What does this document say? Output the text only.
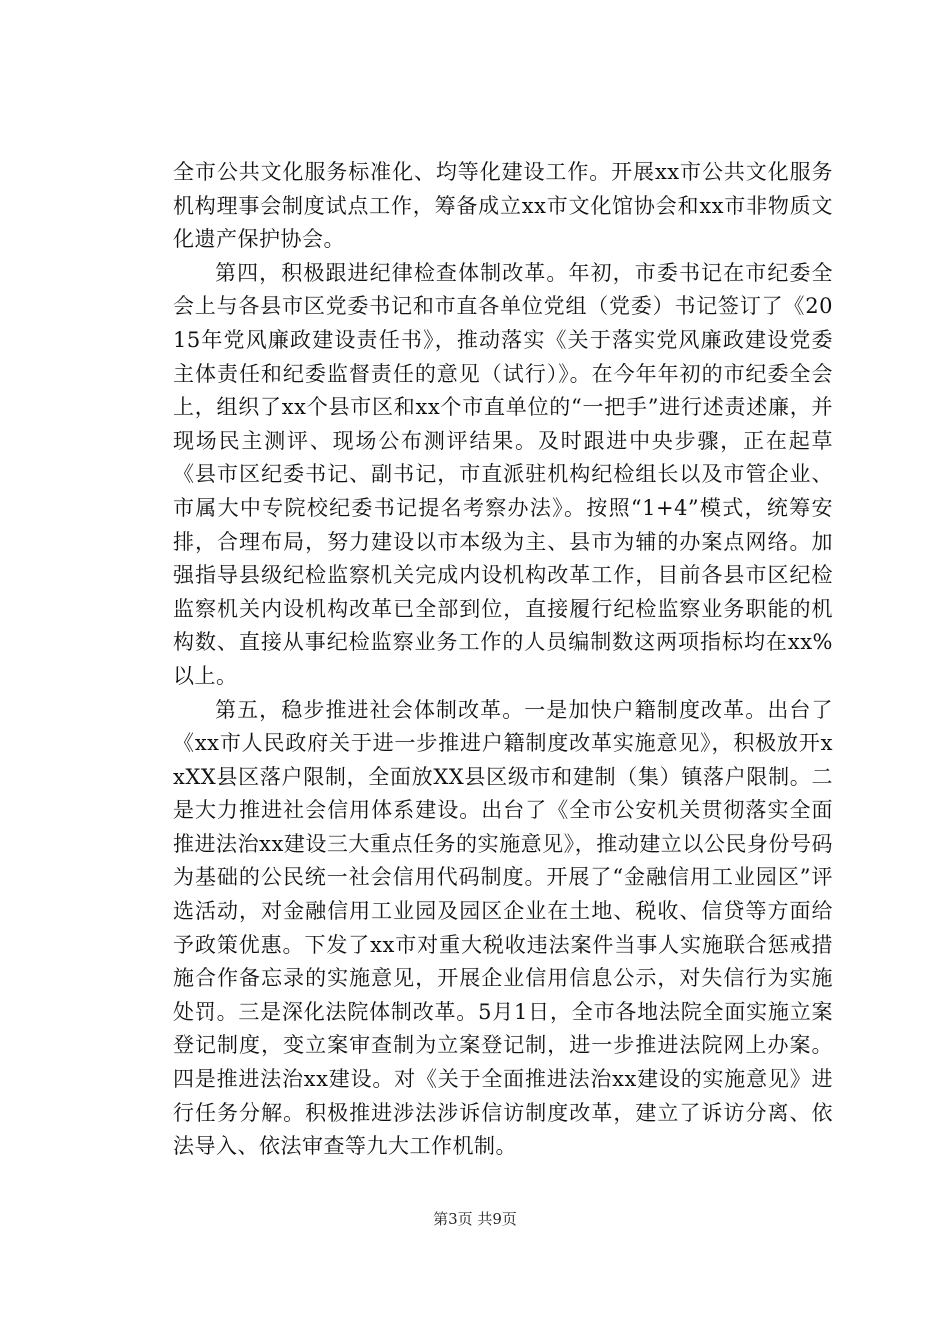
全市公共文化服务标准化、均等化建设工作。开展xx市公共文化服务机构理事会制度试点工作，筹备成立xx市文化馆协会和xx市非物质文化遗产保护协会。

第四，积极跟进纪律检查体制改革。年初，市委书记在市纪委全会上与各县市区党委书记和市直各单位党组（党委）书记签订了《2015年党风廉政建设责任书》，推动落实《关于落实党风廉政建设党委主体责任和纪委监督责任的意见（试行）》。在今年年初的市纪委全会上，组织了xx个县市区和xx个市直单位的“一把手”进行述责述廉，并现场民主测评、现场公布测评结果。及时跟进中央步骤，正在起草《县市区纪委书记、副书记，市直派驻机构纪检组长以及市管企业、市属大中专院校纪委书记提名考察办法》。按照“1+4”模式，统筹安排，合理布局，努力建设以市本级为主、县市为辅的办案点网络。加强指导县级纪检监察机关完成内设机构改革工作，目前各县市区纪检监察机关内设机构改革已全部到位，直接履行纪检监察业务职能的机构数、直接从事纪检监察业务工作的人员编制数这两项指标均在xx%以上。

第五，稳步推进社会体制改革。一是加快户籍制度改革。出台了《xx市人民政府关于进一步推进户籍制度改革实施意见》，积极放开xxXX县区落户限制，全面放XX县区级市和建制（集）镇落户限制。二是大力推进社会信用体系建设。出台了《全市公安机关贯彻落实全面推进法治xx建设三大重点任务的实施意见》，推动建立以公民身份号码为基础的公民统一社会信用代码制度。开展了“金融信用工业园区”评选活动，对金融信用工业园及园区企业在土地、税收、信贷等方面给予政策优惠。下发了xx市对重大税收违法案件当事人实施联合惩戒措施合作备忘录的实施意见，开展企业信用信息公示，对失信行为实施处罚。三是深化法院体制改革。5月1日，全市各地法院全面实施立案登记制度，变立案审查制为立案登记制，进一步推进法院网上办案。四是推进法治xx建设。对《关于全面推进法治xx建设的实施意见》进行任务分解。积极推进涉法涉诉信访制度改革，建立了诉访分离、依法导入、依法审查等九大工作机制。

第3页 共9页
